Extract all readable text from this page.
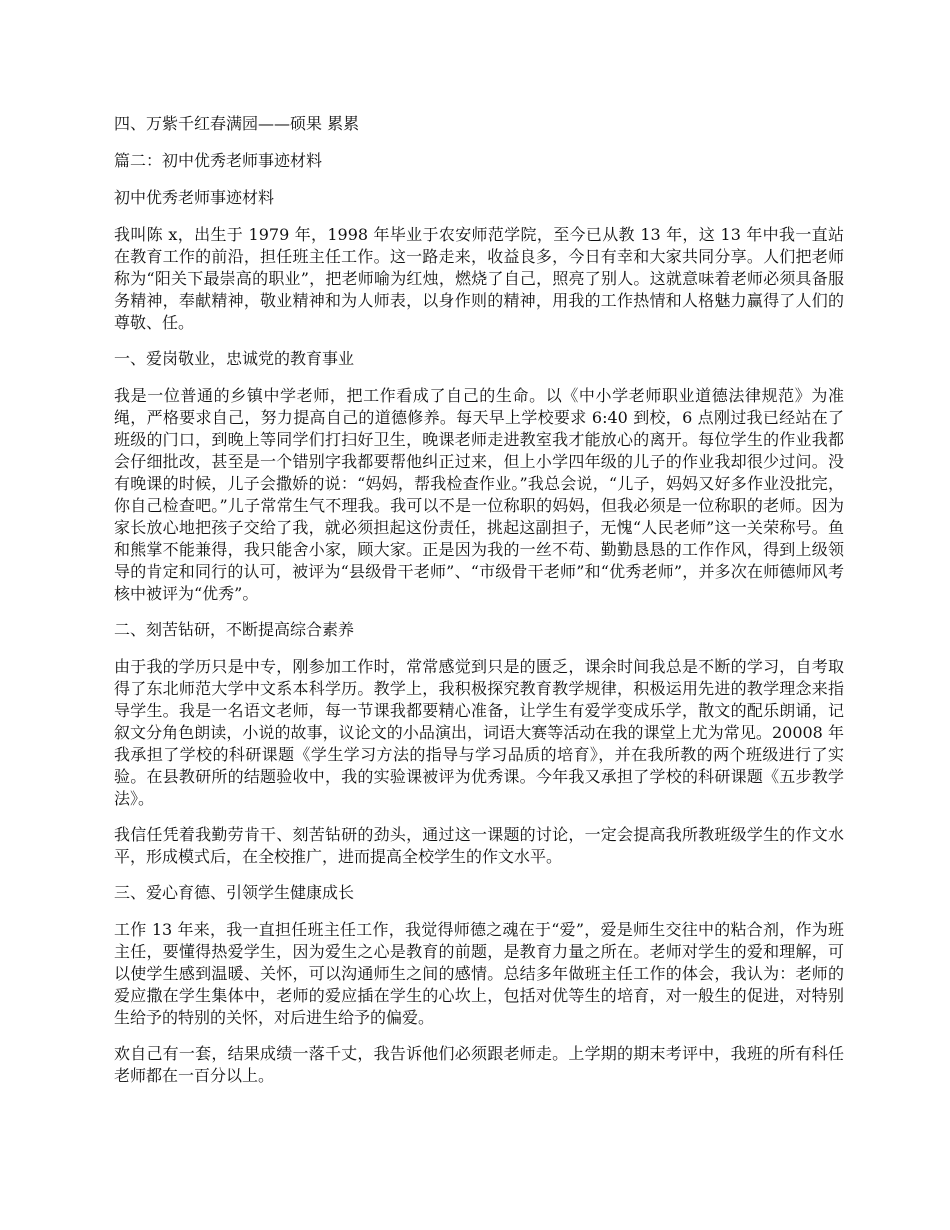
四、万紫千红春满园——硕果 累累
篇二：初中优秀老师事迹材料
初中优秀老师事迹材料
我叫陈 x，出生于 1979 年，1998 年毕业于农安师范学院，至今已从教 13 年，这 13 年中我一直站在教育工作的前沿，担任班主任工作。这一路走来，收益良多，今日有幸和大家共同分享。人们把老师称为“阳关下最崇高的职业”，把老师喻为红烛，燃烧了自己，照亮了别人。这就意味着老师必须具备服务精神，奉献精神，敬业精神和为人师表，以身作则的精神，用我的工作热情和人格魅力赢得了人们的尊敬、任。
一、爱岗敬业，忠诚党的教育事业
我是一位普通的乡镇中学老师，把工作看成了自己的生命。以《中小学老师职业道德法律规范》为准绳，严格要求自己，努力提高自己的道德修养。每天早上学校要求 6:40 到校，6 点刚过我已经站在了班级的门口，到晚上等同学们打扫好卫生，晚课老师走进教室我才能放心的离开。每位学生的作业我都会仔细批改，甚至是一个错别字我都要帮他纠正过来，但上小学四年级的儿子的作业我却很少过问。没有晚课的时候，儿子会撒娇的说：“妈妈，帮我检查作业。”我总会说，“儿子，妈妈又好多作业没批完，你自己检查吧。”儿子常常生气不理我。我可以不是一位称职的妈妈，但我必须是一位称职的老师。因为家长放心地把孩子交给了我，就必须担起这份责任，挑起这副担子，无愧“人民老师”这一关荣称号。鱼和熊掌不能兼得，我只能舍小家，顾大家。正是因为我的一丝不苟、勤勤恳恳的工作作风，得到上级领导的肯定和同行的认可，被评为“县级骨干老师”、“市级骨干老师”和“优秀老师”，并多次在师德师风考核中被评为“优秀”。
二、刻苦钻研，不断提高综合素养
由于我的学历只是中专，刚参加工作时，常常感觉到只是的匮乏，课余时间我总是不断的学习，自考取得了东北师范大学中文系本科学历。教学上，我积极探究教育教学规律，积极运用先进的教学理念来指导学生。我是一名语文老师，每一节课我都要精心准备，让学生有爱学变成乐学，散文的配乐朗诵，记叙文分角色朗读，小说的故事，议论文的小品演出，词语大赛等活动在我的课堂上尤为常见。20008 年我承担了学校的科研课题《学生学习方法的指导与学习品质的培育》，并在我所教的两个班级进行了实验。在县教研所的结题验收中，我的实验课被评为优秀课。今年我又承担了学校的科研课题《五步教学法》。
我信任凭着我勤劳肯干、刻苦钻研的劲头，通过这一课题的讨论，一定会提高我所教班级学生的作文水平，形成模式后，在全校推广，进而提高全校学生的作文水平。
三、爱心育德、引领学生健康成长
工作 13 年来，我一直担任班主任工作，我觉得师德之魂在于“爱”，爱是师生交往中的粘合剂，作为班主任，要懂得热爱学生，因为爱生之心是教育的前题，是教育力量之所在。老师对学生的爱和理解，可以使学生感到温暖、关怀，可以沟通师生之间的感情。总结多年做班主任工作的体会，我认为：老师的爱应撒在学生集体中，老师的爱应插在学生的心坎上，包括对优等生的培育，对一般生的促进，对特别生给予的特别的关怀，对后进生给予的偏爱。
欢自己有一套，结果成绩一落千丈，我告诉他们必须跟老师走。上学期的期末考评中，我班的所有科任老师都在一百分以上。
